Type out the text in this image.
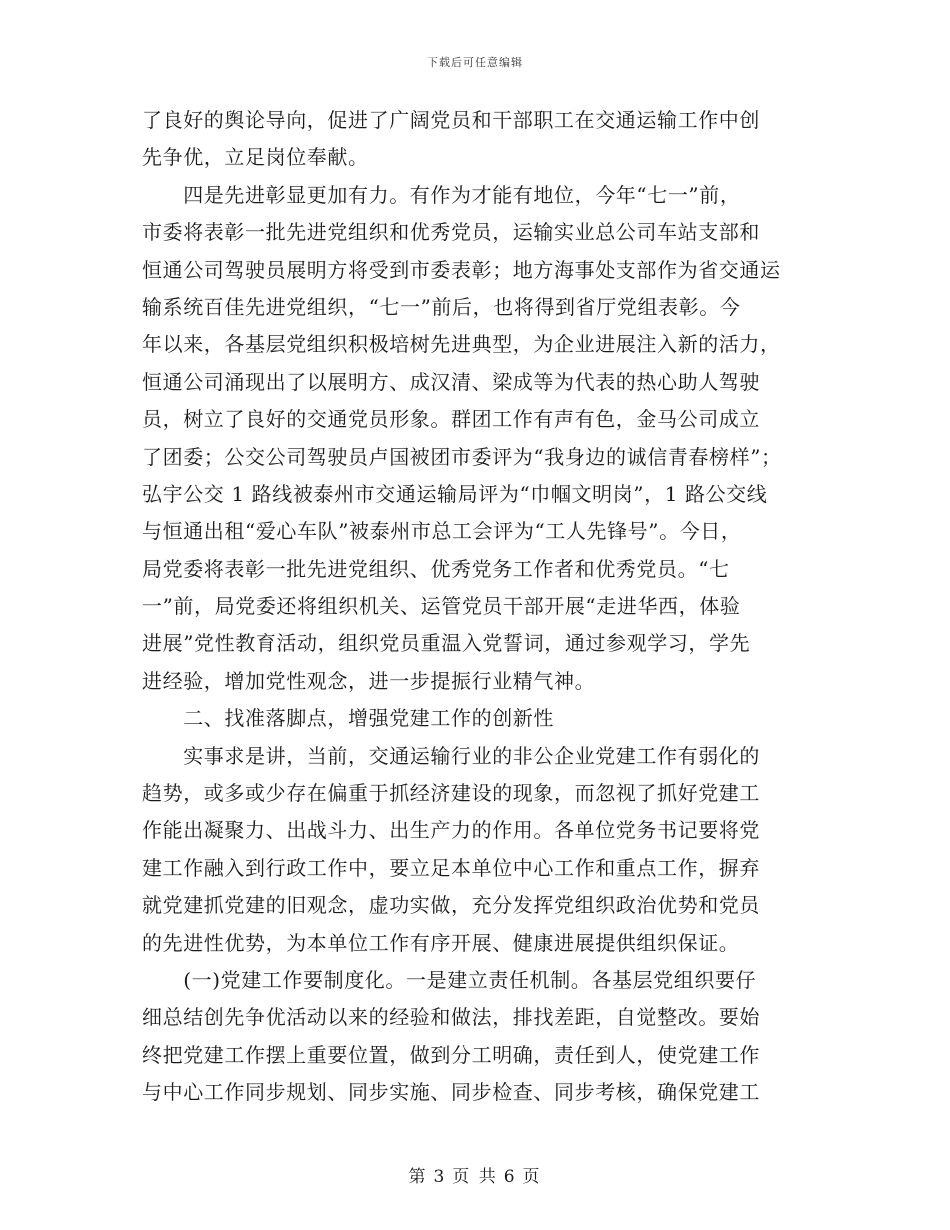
下载后可任意编辑
了良好的舆论导向，促进了广阔党员和干部职工在交通运输工作中创
先争优，立足岗位奉献。
　　四是先进彰显更加有力。有作为才能有地位，今年“七一”前，
市委将表彰一批先进党组织和优秀党员，运输实业总公司车站支部和
恒通公司驾驶员展明方将受到市委表彰；地方海事处支部作为省交通运
输系统百佳先进党组织，“七一”前后，也将得到省厅党组表彰。今
年以来，各基层党组织积极培树先进典型，为企业进展注入新的活力，
恒通公司涌现出了以展明方、成汉清、梁成等为代表的热心助人驾驶
员，树立了良好的交通党员形象。群团工作有声有色，金马公司成立
了团委；公交公司驾驶员卢国被团市委评为“我身边的诚信青春榜样”；
弘宇公交 1 路线被泰州市交通运输局评为“巾帼文明岗”，1 路公交线
与恒通出租“爱心车队”被泰州市总工会评为“工人先锋号”。今日，
局党委将表彰一批先进党组织、优秀党务工作者和优秀党员。“七
一”前，局党委还将组织机关、运管党员干部开展“走进华西，体验
进展”党性教育活动，组织党员重温入党誓词，通过参观学习，学先
进经验，增加党性观念，进一步提振行业精气神。
　　二、找准落脚点，增强党建工作的创新性
　　实事求是讲，当前，交通运输行业的非公企业党建工作有弱化的
趋势，或多或少存在偏重于抓经济建设的现象，而忽视了抓好党建工
作能出凝聚力、出战斗力、出生产力的作用。各单位党务书记要将党
建工作融入到行政工作中，要立足本单位中心工作和重点工作，摒弃
就党建抓党建的旧观念，虚功实做，充分发挥党组织政治优势和党员
的先进性优势，为本单位工作有序开展、健康进展提供组织保证。
　　(一)党建工作要制度化。一是建立责任机制。各基层党组织要仔
细总结创先争优活动以来的经验和做法，排找差距，自觉整改。要始
终把党建工作摆上重要位置，做到分工明确，责任到人，使党建工作
与中心工作同步规划、同步实施、同步检查、同步考核，确保党建工
第 3 页 共 6 页
